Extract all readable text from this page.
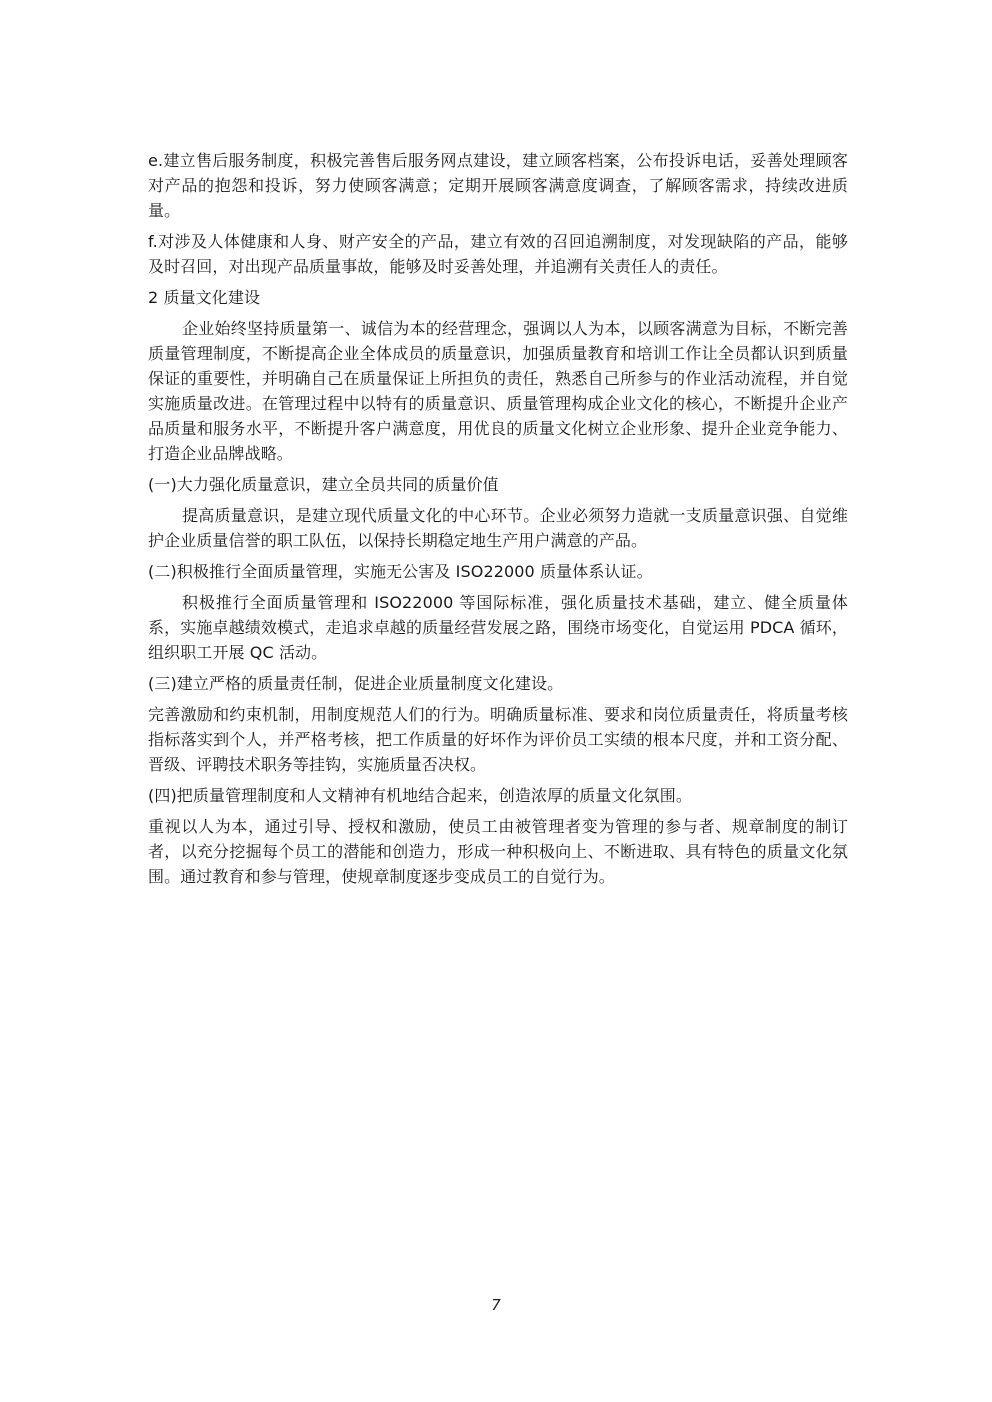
e.建立售后服务制度，积极完善售后服务网点建设，建立顾客档案，公布投诉电话，妥善处理顾客对产品的抱怨和投诉，努力使顾客满意；定期开展顾客满意度调查，了解顾客需求，持续改进质量。

f.对涉及人体健康和人身、财产安全的产品，建立有效的召回追溯制度，对发现缺陷的产品，能够及时召回，对出现产品质量事故，能够及时妥善处理，并追溯有关责任人的责任。

2 质量文化建设

企业始终坚持质量第一、诚信为本的经营理念，强调以人为本，以顾客满意为目标，不断完善质量管理制度，不断提高企业全体成员的质量意识，加强质量教育和培训工作让全员都认识到质量保证的重要性，并明确自己在质量保证上所担负的责任，熟悉自己所参与的作业活动流程，并自觉实施质量改进。在管理过程中以特有的质量意识、质量管理构成企业文化的核心，不断提升企业产品质量和服务水平，不断提升客户满意度，用优良的质量文化树立企业形象、提升企业竞争能力、打造企业品牌战略。

(一)大力强化质量意识，建立全员共同的质量价值

提高质量意识，是建立现代质量文化的中心环节。企业必须努力造就一支质量意识强、自觉维护企业质量信誉的职工队伍，以保持长期稳定地生产用户满意的产品。

(二)积极推行全面质量管理，实施无公害及 ISO22000 质量体系认证。

积极推行全面质量管理和 ISO22000 等国际标准，强化质量技术基础，建立、健全质量体系，实施卓越绩效模式，走追求卓越的质量经营发展之路，围绕市场变化，自觉运用 PDCA 循环，组织职工开展 QC 活动。

(三)建立严格的质量责任制，促进企业质量制度文化建设。

完善激励和约束机制，用制度规范人们的行为。明确质量标准、要求和岗位质量责任，将质量考核指标落实到个人，并严格考核，把工作质量的好坏作为评价员工实绩的根本尺度，并和工资分配、晋级、评聘技术职务等挂钩，实施质量否决权。

(四)把质量管理制度和人文精神有机地结合起来，创造浓厚的质量文化氛围。

重视以人为本，通过引导、授权和激励，使员工由被管理者变为管理的参与者、规章制度的制订者，以充分挖掘每个员工的潜能和创造力，形成一种积极向上、不断进取、具有特色的质量文化氛围。通过教育和参与管理，使规章制度逐步变成员工的自觉行为。

7
